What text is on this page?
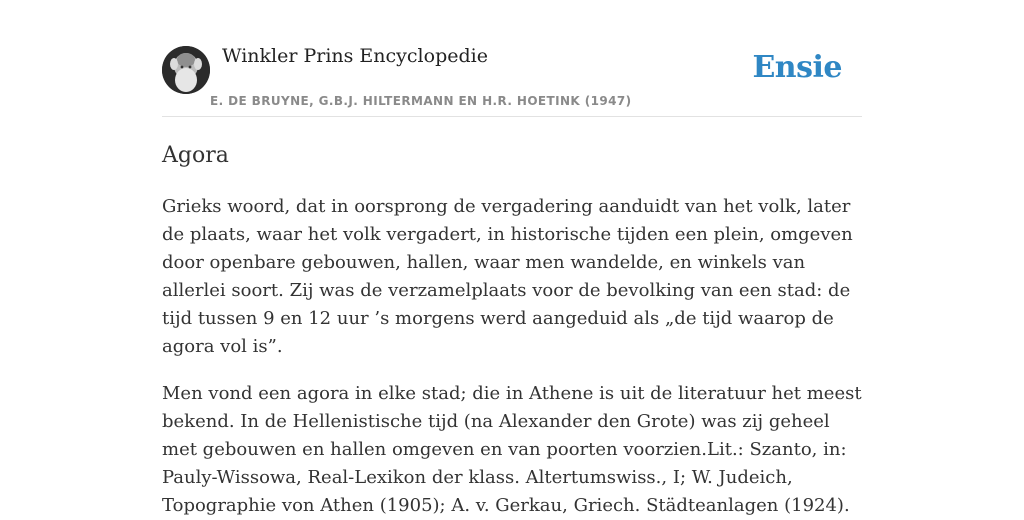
Winkler Prins Encyclopedie
E. DE BRUYNE, G.B.J. HILTERMANN EN H.R. HOETINK (1947)
Ensie
Agora

Grieks woord, dat in oorsprong de vergadering aanduidt van het volk, later de plaats, waar het volk vergadert, in historische tijden een plein, omgeven door openbare gebouwen, hallen, waar men wandelde, en winkels van allerlei soort. Zij was de verzamelplaats voor de bevolking van een stad: de tijd tussen 9 en 12 uur ’s morgens werd aangeduid als „de tijd waarop de agora vol is”.

Men vond een agora in elke stad; die in Athene is uit de literatuur het meest bekend. In de Hellenistische tijd (na Alexander den Grote) was zij geheel met gebouwen en hallen omgeven en van poorten voorzien.Lit.: Szanto, in: Pauly-Wissowa, Real-Lexikon der klass. Altertumswiss., I; W. Judeich, Topographie von Athen (1905); A. v. Gerkau, Griech. Städteanlagen (1924).
